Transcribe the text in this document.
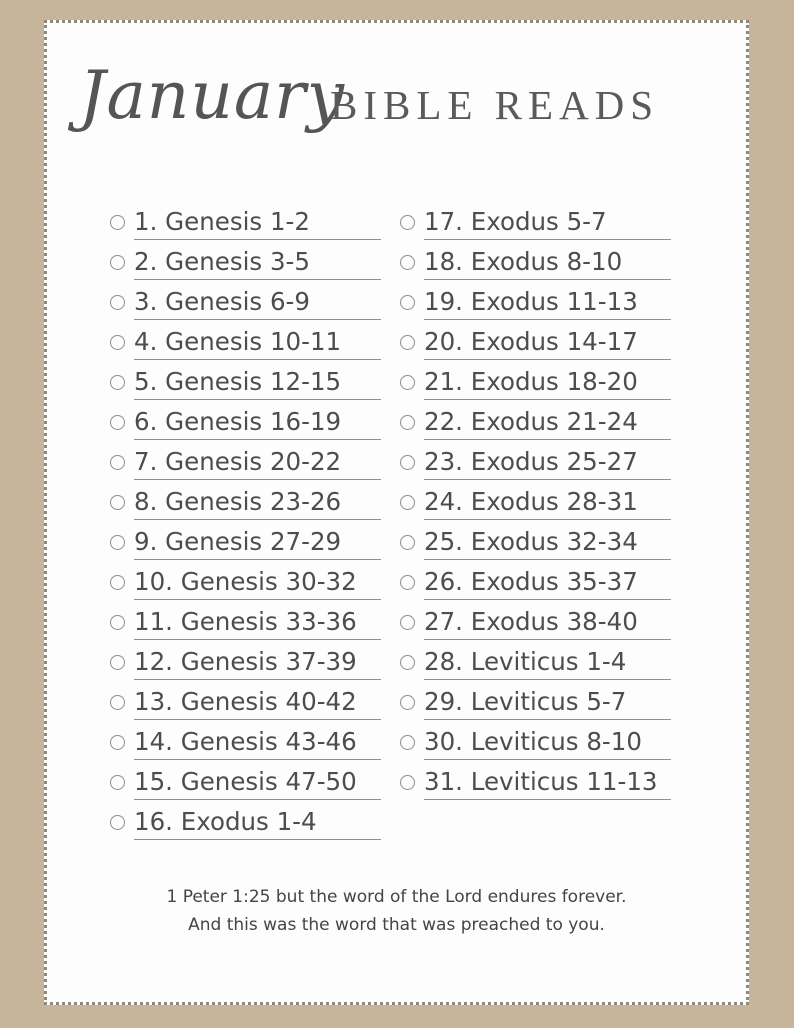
January
BIBLE READS
1. Genesis 1-2
2. Genesis 3-5
3. Genesis 6-9
4. Genesis 10-11
5. Genesis 12-15
6. Genesis 16-19
7. Genesis 20-22
8. Genesis 23-26
9. Genesis 27-29
10. Genesis 30-32
11. Genesis 33-36
12. Genesis 37-39
13. Genesis 40-42
14. Genesis 43-46
15. Genesis 47-50
16. Exodus 1-4
17. Exodus 5-7
18. Exodus 8-10
19. Exodus 11-13
20. Exodus 14-17
21. Exodus 18-20
22. Exodus 21-24
23. Exodus 25-27
24. Exodus 28-31
25. Exodus 32-34
26. Exodus 35-37
27. Exodus 38-40
28. Leviticus 1-4
29. Leviticus 5-7
30. Leviticus 8-10
31. Leviticus 11-13
1 Peter 1:25 but the word of the Lord endures forever.
And this was the word that was preached to you.
